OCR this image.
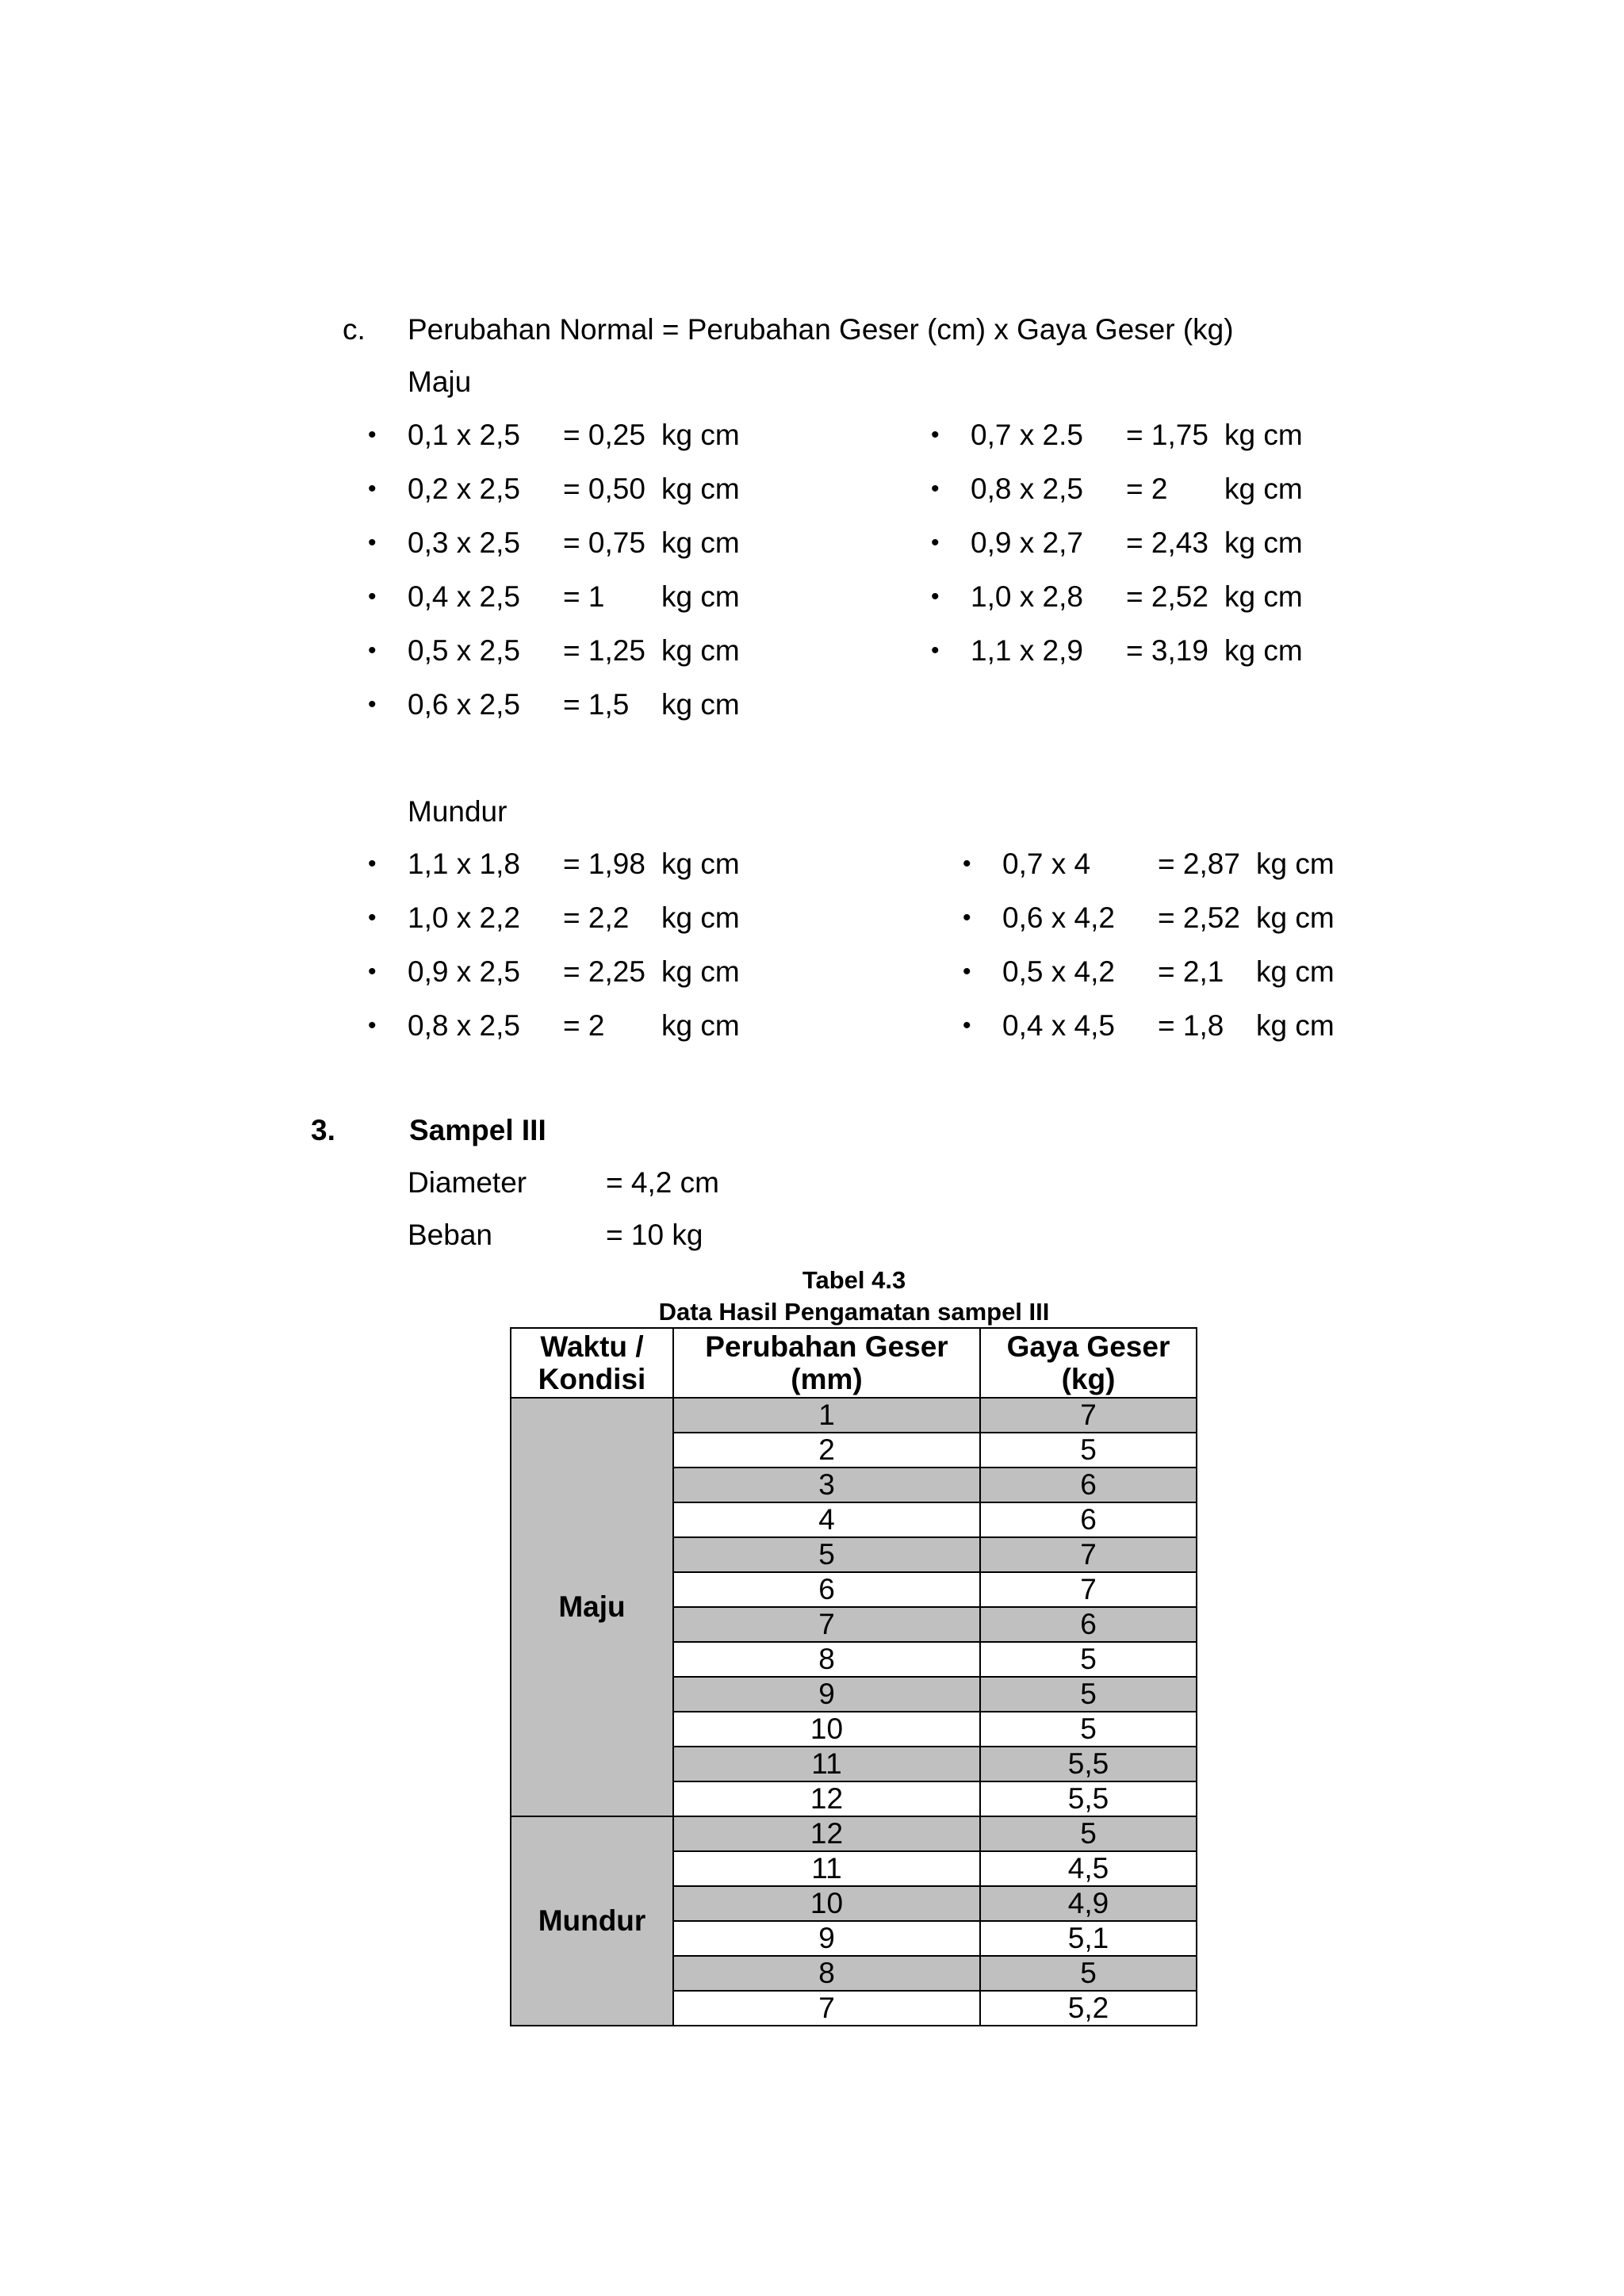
c. Perubahan Normal = Perubahan Geser (cm) x Gaya Geser (kg)
Maju
• 0,1 x 2,5 = 0,25 kg cm
• 0,2 x 2,5 = 0,50 kg cm
• 0,3 x 2,5 = 0,75 kg cm
• 0,4 x 2,5 = 1 kg cm
• 0,5 x 2,5 = 1,25 kg cm
• 0,6 x 2,5 = 1,5 kg cm
• 0,7 x 2.5 = 1,75 kg cm
• 0,8 x 2,5 = 2 kg cm
• 0,9 x 2,7 = 2,43 kg cm
• 1,0 x 2,8 = 2,52 kg cm
• 1,1 x 2,9 = 3,19 kg cm
Mundur
• 1,1 x 1,8 = 1,98 kg cm
• 1,0 x 2,2 = 2,2 kg cm
• 0,9 x 2,5 = 2,25 kg cm
• 0,8 x 2,5 = 2 kg cm
• 0,7 x 4 = 2,87 kg cm
• 0,6 x 4,2 = 2,52 kg cm
• 0,5 x 4,2 = 2,1 kg cm
• 0,4 x 4,5 = 1,8 kg cm
3.	Sampel III
Diameter	= 4,2 cm
Beban	= 10 kg
Tabel 4.3
Data Hasil Pengamatan sampel III
Waktu / Kondisi	Perubahan Geser (mm)	Gaya Geser (kg)
Maju	1	7
	2	5
	3	6
	4	6
	5	7
	6	7
	7	6
	8	5
	9	5
	10	5
	11	5,5
	12	5,5
Mundur	12	5
	11	4,5
	10	4,9
	9	5,1
	8	5
	7	5,2
